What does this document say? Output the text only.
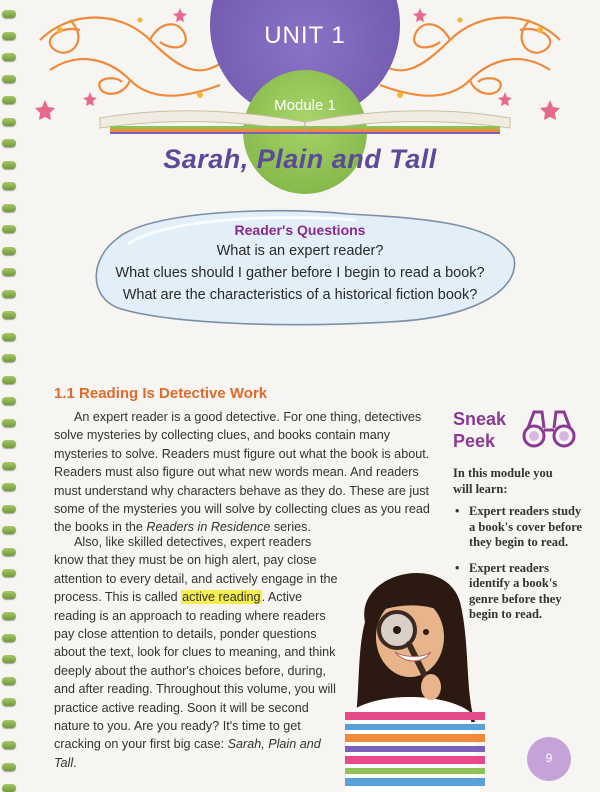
UNIT 1
Module 1
Sarah, Plain and Tall
Reader's Questions
What is an expert reader?
What clues should I gather before I begin to read a book?
What are the characteristics of a historical fiction book?
1.1 Reading Is Detective Work

An expert reader is a good detective. For one thing, detectives solve mysteries by collecting clues, and books contain many mysteries to solve. Readers must figure out what the book is about. Readers must also figure out what new words mean. And readers must understand why characters behave as they do. These are just some of the mysteries you will solve by collecting clues as you read the books in the Readers in Residence series.

Also, like skilled detectives, expert readers know that they must be on high alert, pay close attention to every detail, and actively engage in the process. This is called active reading. Active reading is an approach to reading where readers pay close attention to details, ponder questions about the text, look for clues to meaning, and think deeply about the author's choices before, during, and after reading. Throughout this volume, you will practice active reading. Soon it will be second nature to you. Are you ready? It's time to get cracking on your first big case: Sarah, Plain and Tall.

Sneak
Peek
In this module you will learn:
• Expert readers study a book's cover before they begin to read.
• Expert readers identify a book's genre before they begin to read.
9
